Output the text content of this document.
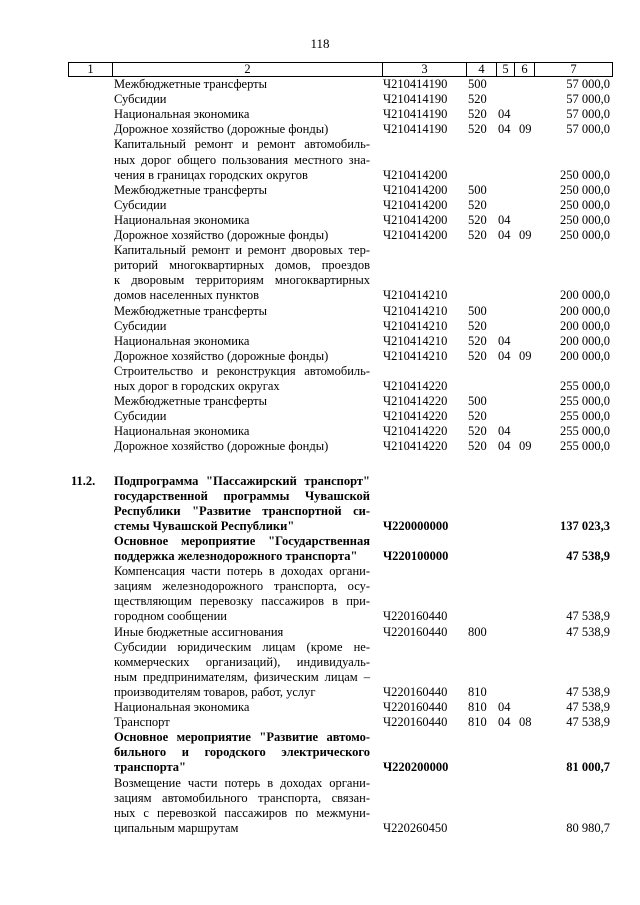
118
1	2	3	4	5	6	7
Межбюджетные трансферты	Ч210414190	500	57 000,0
Субсидии	Ч210414190	520	57 000,0
Национальная экономика	Ч210414190	520 04	57 000,0
Дорожное хозяйство (дорожные фонды)	Ч210414190	520 04 09	57 000,0
Капитальный ремонт и ремонт автомобиль-
ных дорог общего пользования местного зна-
чения в границах городских округов	Ч210414200	250 000,0
Межбюджетные трансферты	Ч210414200	500	250 000,0
Субсидии	Ч210414200	520	250 000,0
Национальная экономика	Ч210414200	520 04	250 000,0
Дорожное хозяйство (дорожные фонды)	Ч210414200	520 04 09	250 000,0
Капитальный ремонт и ремонт дворовых тер-
риторий многоквартирных домов, проездов
к дворовым территориям многоквартирных
домов населенных пунктов	Ч210414210	200 000,0
Межбюджетные трансферты	Ч210414210	500	200 000,0
Субсидии	Ч210414210	520	200 000,0
Национальная экономика	Ч210414210	520 04	200 000,0
Дорожное хозяйство (дорожные фонды)	Ч210414210	520 04 09	200 000,0
Строительство и реконструкция автомобиль-
ных дорог в городских округах	Ч210414220	255 000,0
Межбюджетные трансферты	Ч210414220	500	255 000,0
Субсидии	Ч210414220	520	255 000,0
Национальная экономика	Ч210414220	520 04	255 000,0
Дорожное хозяйство (дорожные фонды)	Ч210414220	520 04 09	255 000,0
11.2.	Подпрограмма "Пассажирский транспорт"
государственной программы Чувашской
Республики "Развитие транспортной си-
стемы Чувашской Республики"	Ч220000000	137 023,3
Основное мероприятие "Государственная
поддержка железнодорожного транспорта"	Ч220100000	47 538,9
Компенсация части потерь в доходах органи-
зациям железнодорожного транспорта, осу-
ществляющим перевозку пассажиров в при-
городном сообщении	Ч220160440	47 538,9
Иные бюджетные ассигнования	Ч220160440	800	47 538,9
Субсидии юридическим лицам (кроме не-
коммерческих организаций), индивидуаль-
ным предпринимателям, физическим лицам –
производителям товаров, работ, услуг	Ч220160440	810	47 538,9
Национальная экономика	Ч220160440	810 04	47 538,9
Транспорт	Ч220160440	810 04 08	47 538,9
Основное мероприятие "Развитие автомо-
бильного и городского электрического
транспорта"	Ч220200000	81 000,7
Возмещение части потерь в доходах органи-
зациям автомобильного транспорта, связан-
ных с перевозкой пассажиров по межмуни-
ципальным маршрутам	Ч220260450	80 980,7
